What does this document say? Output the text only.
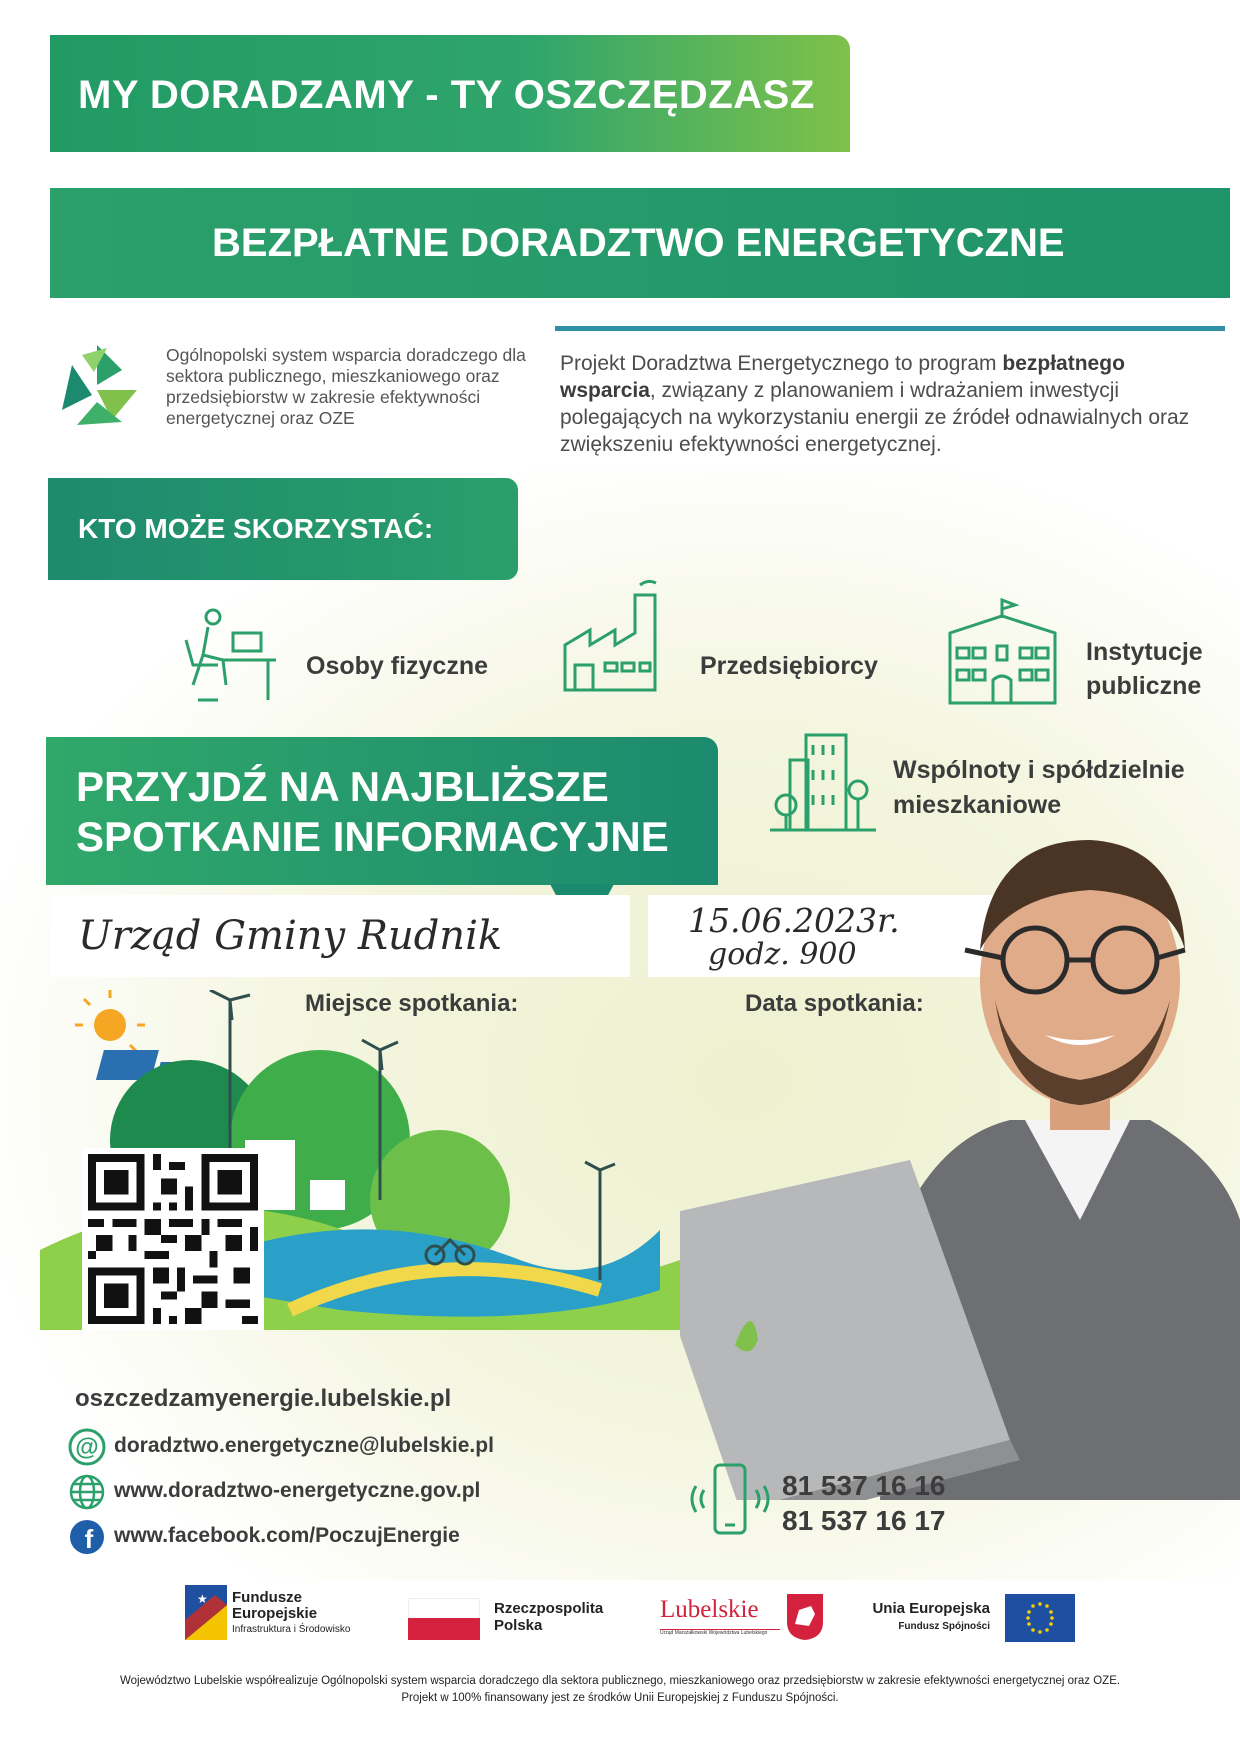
MY DORADZAMY - TY OSZCZĘDZASZ
BEZPŁATNE DORADZTWO ENERGETYCZNE
Ogólnopolski system wsparcia doradczego dla sektora publicznego, mieszkaniowego oraz przedsiębiorstw w zakresie efektywności energetycznej oraz OZE
Projekt Doradztwa Energetycznego to program bezpłatnego wsparcia, związany z planowaniem i wdrażaniem inwestycji polegających na wykorzystaniu energii ze źródeł odnawialnych oraz zwiększeniu efektywności energetycznej.
KTO MOŻE SKORZYSTAĆ:
Osoby fizyczne	Przedsiębiorcy	Instytucje
publiczne
Wspólnoty i spółdzielnie
mieszkaniowe
PRZYJDŹ NA NAJBLIŻSZE
SPOTKANIE INFORMACYJNE
Urząd Gminy Rudnik
Miejsce spotkania:
15.06.2023r.
godz. 900
Data spotkania:
oszczedzamyenergie.lubelskie.pl
@ doradztwo.energetyczne@lubelskie.pl
www.doradztwo-energetyczne.gov.pl
f www.facebook.com/PoczujEnergie
81 537 16 16
81 537 16 17
★ Fundusze
Europejskie
Infrastruktura i Środowisko
Rzeczpospolita
Polska
Lubelskie
Urząd Marszałkowski Województwa Lubelskiego
Unia Europejska
Fundusz Spójności
Województwo Lubelskie współrealizuje Ogólnopolski system wsparcia doradczego dla sektora publicznego, mieszkaniowego oraz przedsiębiorstw w zakresie efektywności energetycznej oraz OZE.
Projekt w 100% finansowany jest ze środków Unii Europejskiej z Funduszu Spójności.
